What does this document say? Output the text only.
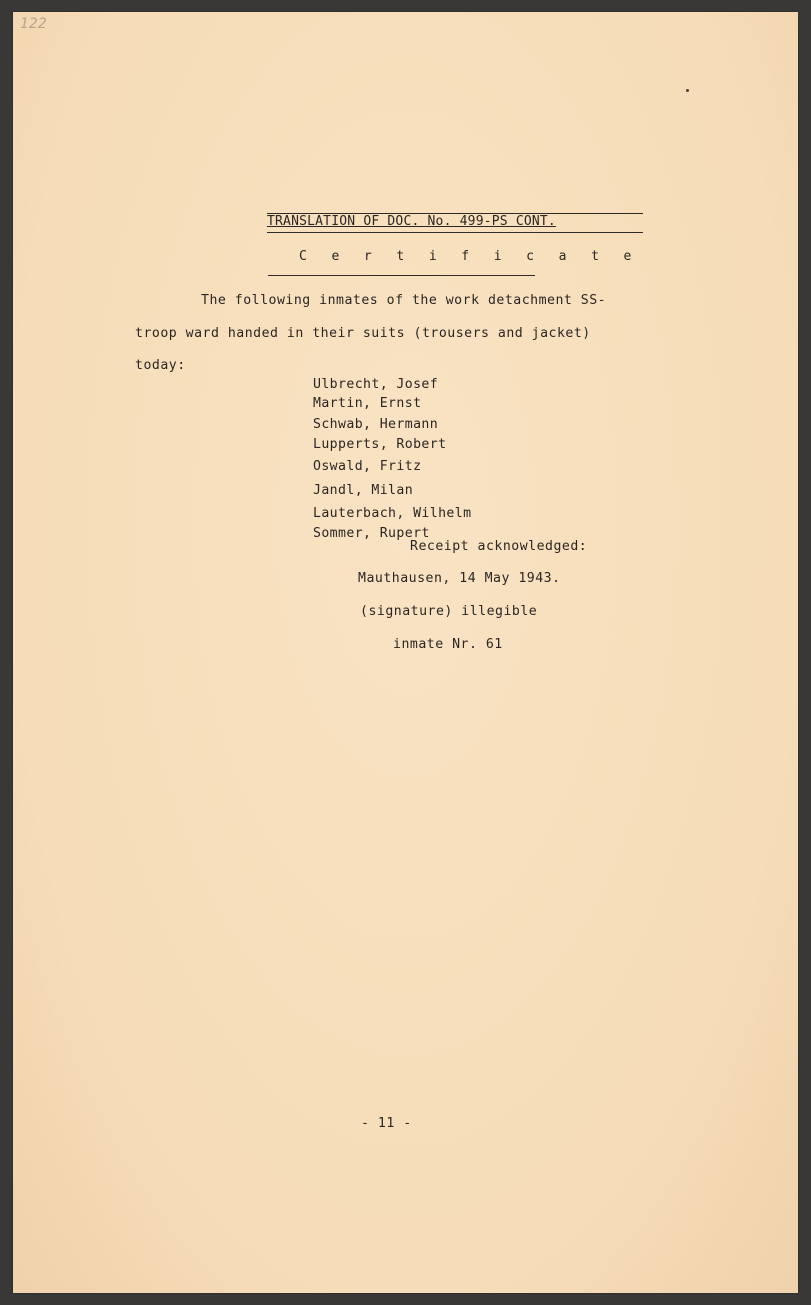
122
TRANSLATION OF DOC. No. 499-PS CONT.
C e r t i f i c a t e
The following inmates of the work detachment SS-
troop ward handed in their suits (trousers and jacket)
today:
Ulbrecht, Josef
Martin, Ernst
Schwab, Hermann
Lupperts, Robert
Oswald, Fritz
Jandl, Milan
Lauterbach, Wilhelm
Sommer, Rupert
Receipt acknowledged:
Mauthausen, 14 May 1943.
(signature) illegible
inmate Nr. 61
- 11 -
